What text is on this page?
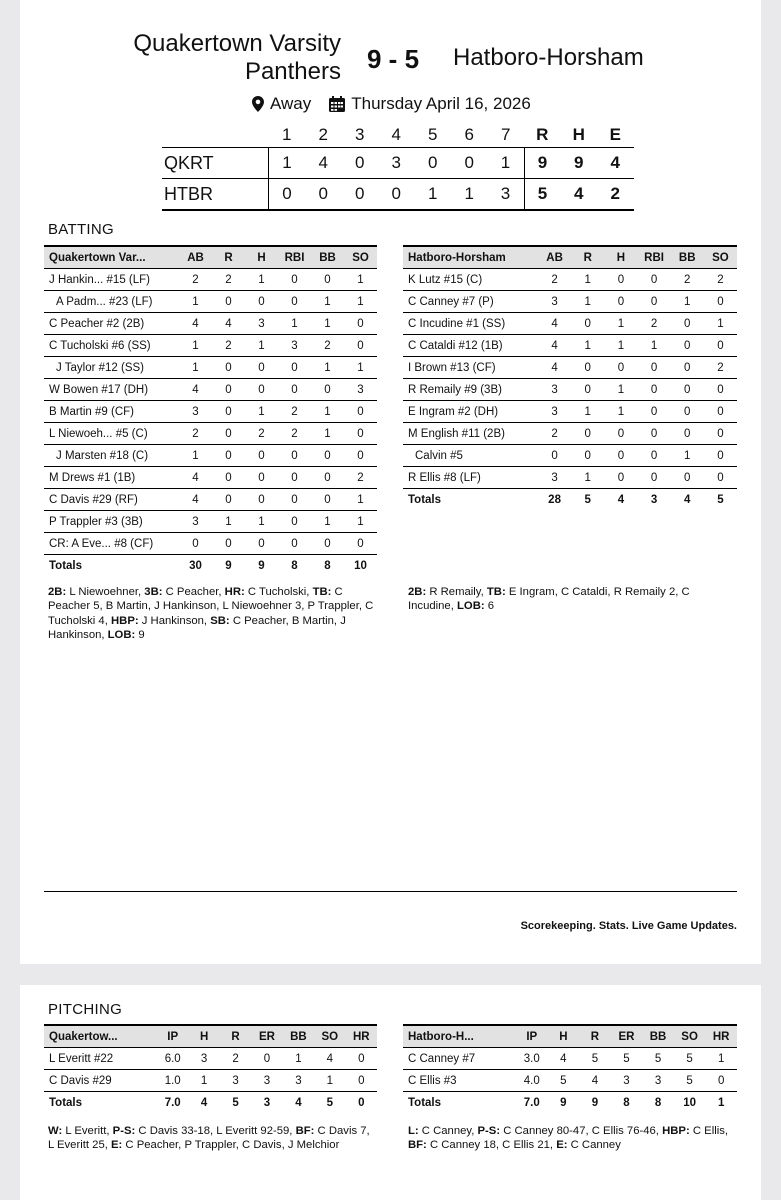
Quakertown Varsity
Panthers 9 - 5 Hatboro-Horsham
Away Thursday April 16, 2026
	1	2	3	4	5	6	7	R	H	E
QKRT	1	4	0	3	0	0	1	9	9	4
HTBR	0	0	0	0	1	1	3	5	4	2
BATTING
Quakertown Var...	AB	R	H	RBI	BB	SO
J Hankin... #15 (LF)	2	2	1	0	0	1
A Padm... #23 (LF)	1	0	0	0	1	1
C Peacher #2 (2B)	4	4	3	1	1	0
C Tucholski #6 (SS)	1	2	1	3	2	0
J Taylor #12 (SS)	1	0	0	0	1	1
W Bowen #17 (DH)	4	0	0	0	0	3
B Martin #9 (CF)	3	0	1	2	1	0
L Niewoeh... #5 (C)	2	0	2	2	1	0
J Marsten #18 (C)	1	0	0	0	0	0
M Drews #1 (1B)	4	0	0	0	0	2
C Davis #29 (RF)	4	0	0	0	0	1
P Trappler #3 (3B)	3	1	1	0	1	1
CR: A Eve... #8 (CF)	0	0	0	0	0	0
Totals	30	9	9	8	8	10
Hatboro-Horsham	AB	R	H	RBI	BB	SO
K Lutz #15 (C)	2	1	0	0	2	2
C Canney #7 (P)	3	1	0	0	1	0
C Incudine #1 (SS)	4	0	1	2	0	1
C Cataldi #12 (1B)	4	1	1	1	0	0
I Brown #13 (CF)	4	0	0	0	0	2
R Remaily #9 (3B)	3	0	1	0	0	0
E Ingram #2 (DH)	3	1	1	0	0	0
M English #11 (2B)	2	0	0	0	0	0
Calvin #5	0	0	0	0	1	0
R Ellis #8 (LF)	3	1	0	0	0	0
Totals	28	5	4	3	4	5
2B: L Niewoehner, 3B: C Peacher, HR: C Tucholski, TB: C Peacher 5, B Martin, J Hankinson, L Niewoehner 3, P Trappler, C Tucholski 4, HBP: J Hankinson, SB: C Peacher, B Martin, J Hankinson, LOB: 9
2B: R Remaily, TB: E Ingram, C Cataldi, R Remaily 2, C Incudine, LOB: 6
Scorekeeping. Stats. Live Game Updates.
PITCHING
Quakertow...	IP	H	R	ER	BB	SO	HR
L Everitt #22	6.0	3	2	0	1	4	0
C Davis #29	1.0	1	3	3	3	1	0
Totals	7.0	4	5	3	4	5	0
Hatboro-H...	IP	H	R	ER	BB	SO	HR
C Canney #7	3.0	4	5	5	5	5	1
C Ellis #3	4.0	5	4	3	3	5	0
Totals	7.0	9	9	8	8	10	1
W: L Everitt, P-S: C Davis 33-18, L Everitt 92-59, BF: C Davis 7, L Everitt 25, E: C Peacher, P Trappler, C Davis, J Melchior
L: C Canney, P-S: C Canney 80-47, C Ellis 76-46, HBP: C Ellis, BF: C Canney 18, C Ellis 21, E: C Canney
